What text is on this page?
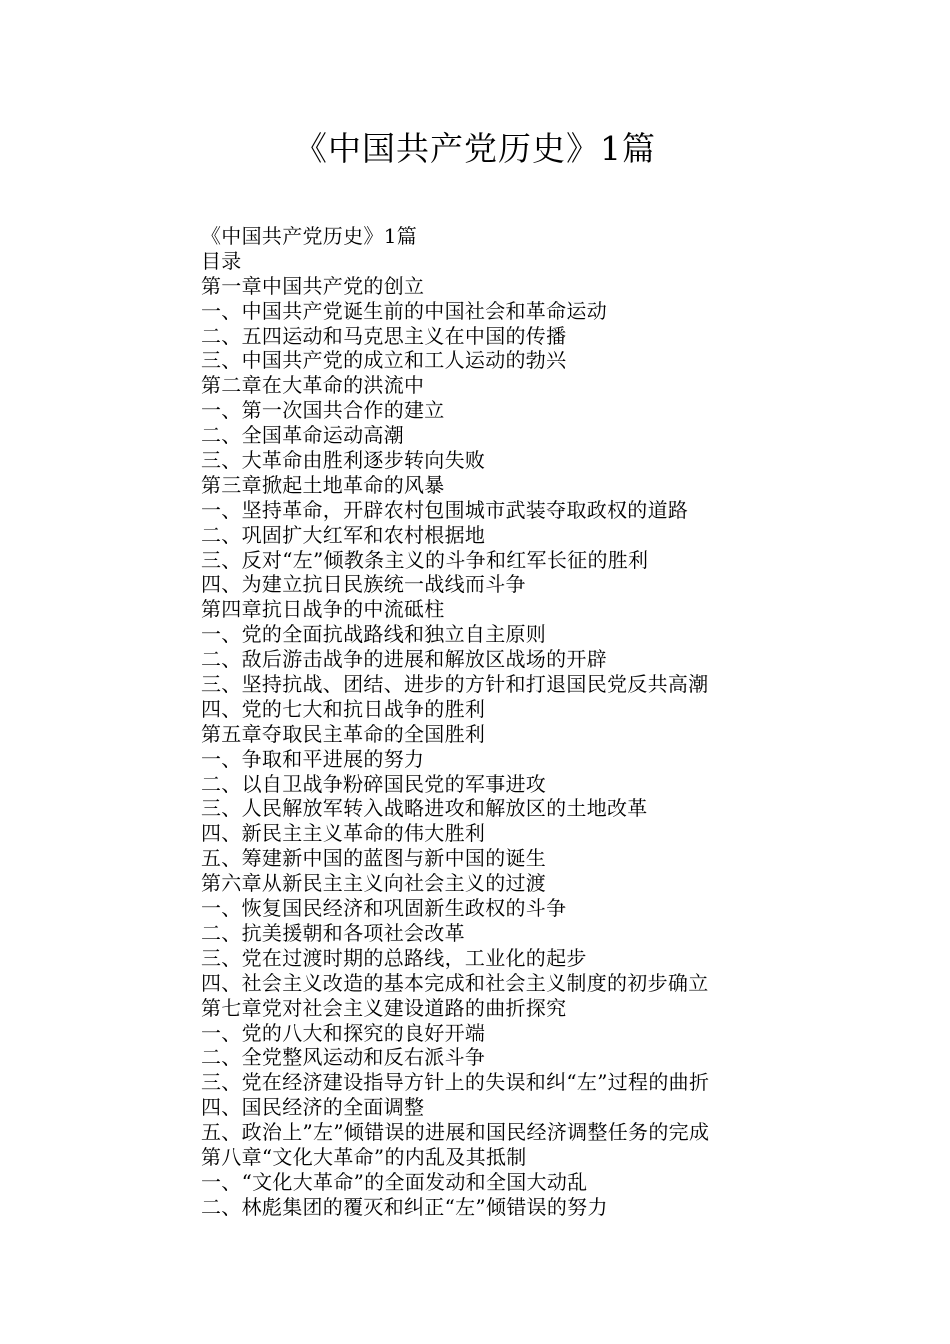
《中国共产党历史》1篇
《中国共产党历史》1篇
目录
第一章中国共产党的创立
一、中国共产党诞生前的中国社会和革命运动
二、五四运动和马克思主义在中国的传播
三、中国共产党的成立和工人运动的勃兴
第二章在大革命的洪流中
一、第一次国共合作的建立
二、全国革命运动高潮
三、大革命由胜利逐步转向失败
第三章掀起土地革命的风暴
一、坚持革命，开辟农村包围城市武装夺取政权的道路
二、巩固扩大红军和农村根据地
三、反对“左”倾教条主义的斗争和红军长征的胜利
四、为建立抗日民族统一战线而斗争
第四章抗日战争的中流砥柱
一、党的全面抗战路线和独立自主原则
二、敌后游击战争的进展和解放区战场的开辟
三、坚持抗战、团结、进步的方针和打退国民党反共高潮
四、党的七大和抗日战争的胜利
第五章夺取民主革命的全国胜利
一、争取和平进展的努力
二、以自卫战争粉碎国民党的军事进攻
三、人民解放军转入战略进攻和解放区的土地改革
四、新民主主义革命的伟大胜利
五、筹建新中国的蓝图与新中国的诞生
第六章从新民主主义向社会主义的过渡
一、恢复国民经济和巩固新生政权的斗争
二、抗美援朝和各项社会改革
三、党在过渡时期的总路线，工业化的起步
四、社会主义改造的基本完成和社会主义制度的初步确立
第七章党对社会主义建设道路的曲折探究
一、党的八大和探究的良好开端
二、全党整风运动和反右派斗争
三、党在经济建设指导方针上的失误和纠“左”过程的曲折
四、国民经济的全面调整
五、政治上”左”倾错误的进展和国民经济调整任务的完成
第八章“文化大革命”的内乱及其抵制
一、“文化大革命”的全面发动和全国大动乱
二、林彪集团的覆灭和纠正“左”倾错误的努力
